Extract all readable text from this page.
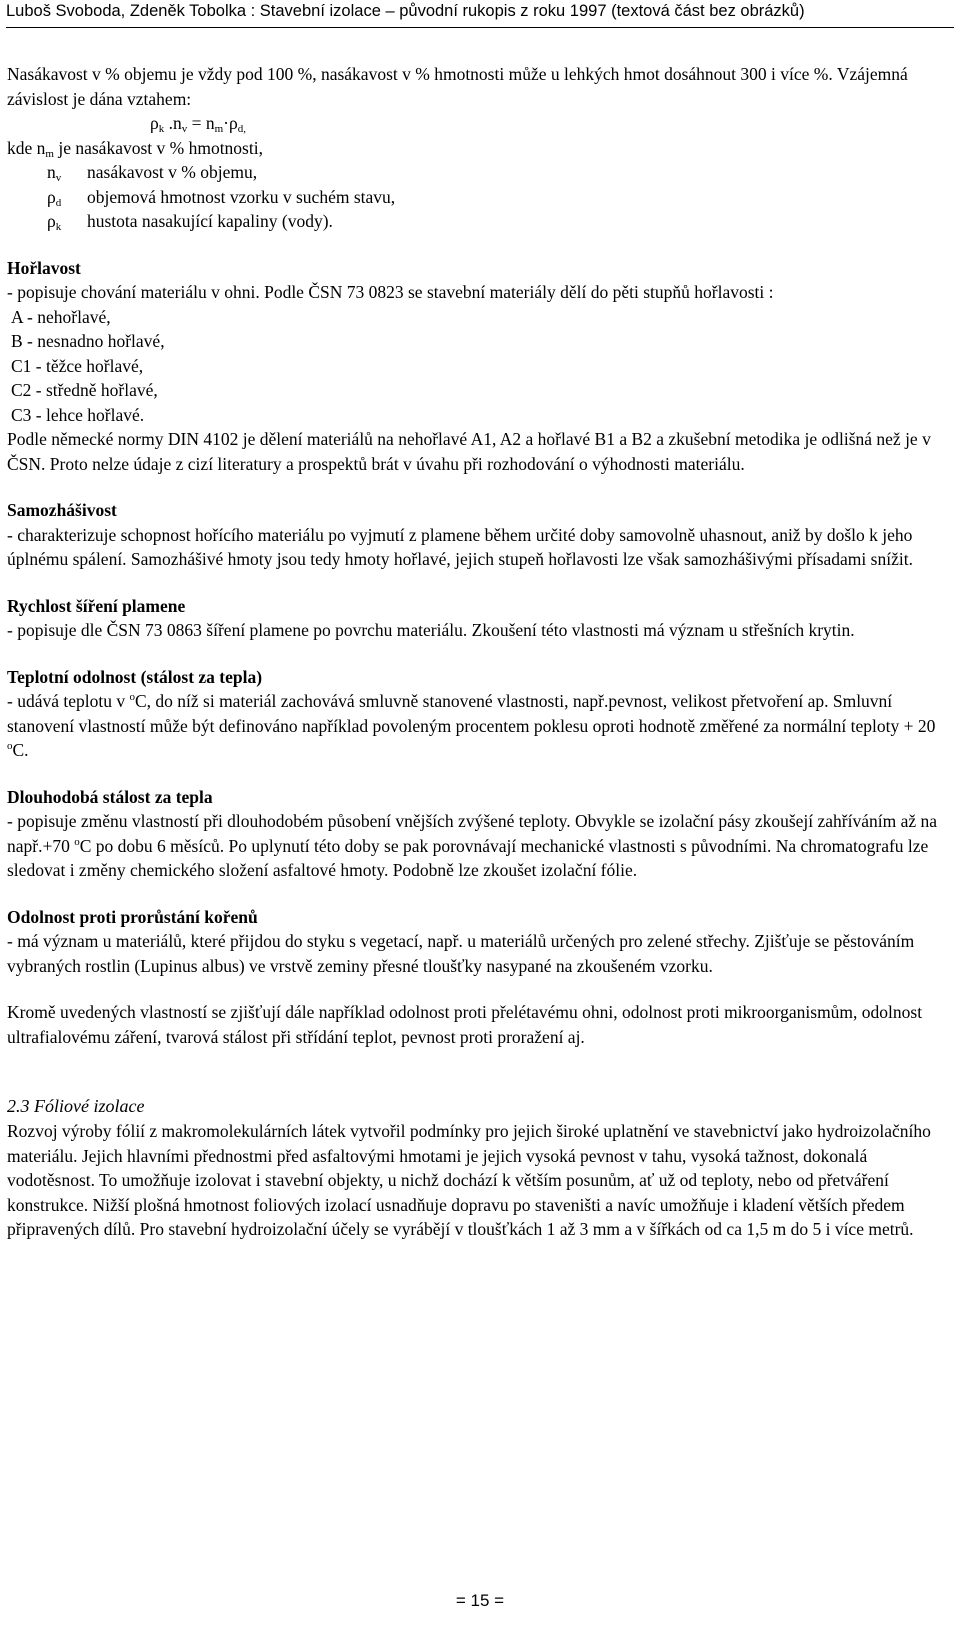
Luboš Svoboda, Zdeněk Tobolka : Stavební izolace – původní rukopis z roku 1997 (textová část bez obrázků)

Nasákavost v % objemu je vždy pod 100 %, nasákavost v % hmotnosti může u lehkých hmot dosáhnout 300 i více %. Vzájemná závislost je dána vztahem:

$\rho_k$ $.n_v = n_m\cdot\rho_{d,}$
kde $n_m$ je nasákavost v % hmotnosti,
$n_v$	nasákavost v % objemu,
$\rho_d$	objemová hmotnost vzorku v suchém stavu,
$\rho_k$	hustota nasakující kapaliny (vody).

Hořlavost

- popisuje chování materiálu v ohni. Podle ČSN 73 0823 se stavební materiály dělí do pěti stupňů hořlavosti :

A - nehořlavé,

B - nesnadno hořlavé,

C1 - těžce hořlavé,

C2 - středně hořlavé,

C3 - lehce hořlavé.

Podle německé normy DIN 4102 je dělení materiálů na nehořlavé A1, A2 a hořlavé B1 a B2 a zkušební metodika je odlišná než je v ČSN. Proto nelze údaje z cizí literatury a prospektů brát v úvahu při rozhodování o výhodnosti materiálu.

Samozhášivost

- charakterizuje schopnost hořícího materiálu po vyjmutí z plamene během určité doby samovolně uhasnout, aniž by došlo k jeho úplnému spálení. Samozhášivé hmoty jsou tedy hmoty hořlavé, jejich stupeň hořlavosti lze však samozhášivými přísadami snížit.

Rychlost šíření plamene

- popisuje dle ČSN 73 0863 šíření plamene po povrchu materiálu. Zkoušení této vlastnosti má význam u střešních krytin.

Teplotní odolnost (stálost za tepla)

- udává teplotu v $^o$C, do níž si materiál zachovává smluvně stanovené vlastnosti, např.pevnost, velikost přetvoření ap. Smluvní stanovení vlastností může být definováno například povoleným procentem poklesu oproti hodnotě změřené za normální teploty + 20 $^o$C.

Dlouhodobá stálost za tepla

- popisuje změnu vlastností při dlouhodobém působení vnějších zvýšené teploty. Obvykle se izolační pásy zkoušejí zahříváním až na např.+70 $^o$C po dobu 6 měsíců. Po uplynutí této doby se pak porovnávají mechanické vlastnosti s původními. Na chromatografu lze sledovat i změny chemického složení asfaltové hmoty. Podobně lze zkoušet izolační fólie.

Odolnost proti prorůstání kořenů

- má význam u materiálů, které přijdou do styku s vegetací, např. u materiálů určených pro zelené střechy. Zjišťuje se pěstováním vybraných rostlin (Lupinus albus) ve vrstvě zeminy přesné tloušťky nasypané na zkoušeném vzorku.

Kromě uvedených vlastností se zjišťují dále například odolnost proti přelétavému ohni, odolnost proti mikroorganismům, odolnost ultrafialovému záření, tvarová stálost při střídání teplot, pevnost proti proražení aj.

2.3 Fóliové izolace

Rozvoj výroby fólií z makromolekulárních látek vytvořil podmínky pro jejich široké uplatnění ve stavebnictví jako hydroizolačního materiálu. Jejich hlavními přednostmi před asfaltovými hmotami je jejich vysoká pevnost v tahu, vysoká tažnost, dokonalá vodotěsnost. To umožňuje izolovat i stavební objekty, u nichž dochází k větším posunům, ať už od teploty, nebo od přetváření konstrukce. Nižší plošná hmotnost foliových izolací usnadňuje dopravu po staveništi a navíc umožňuje i kladení větších předem připravených dílů. Pro stavební hydroizolační účely se vyrábějí v tloušťkách 1 až 3 mm a v šířkách od ca 1,5 m do 5 i více metrů.

= 15 =
